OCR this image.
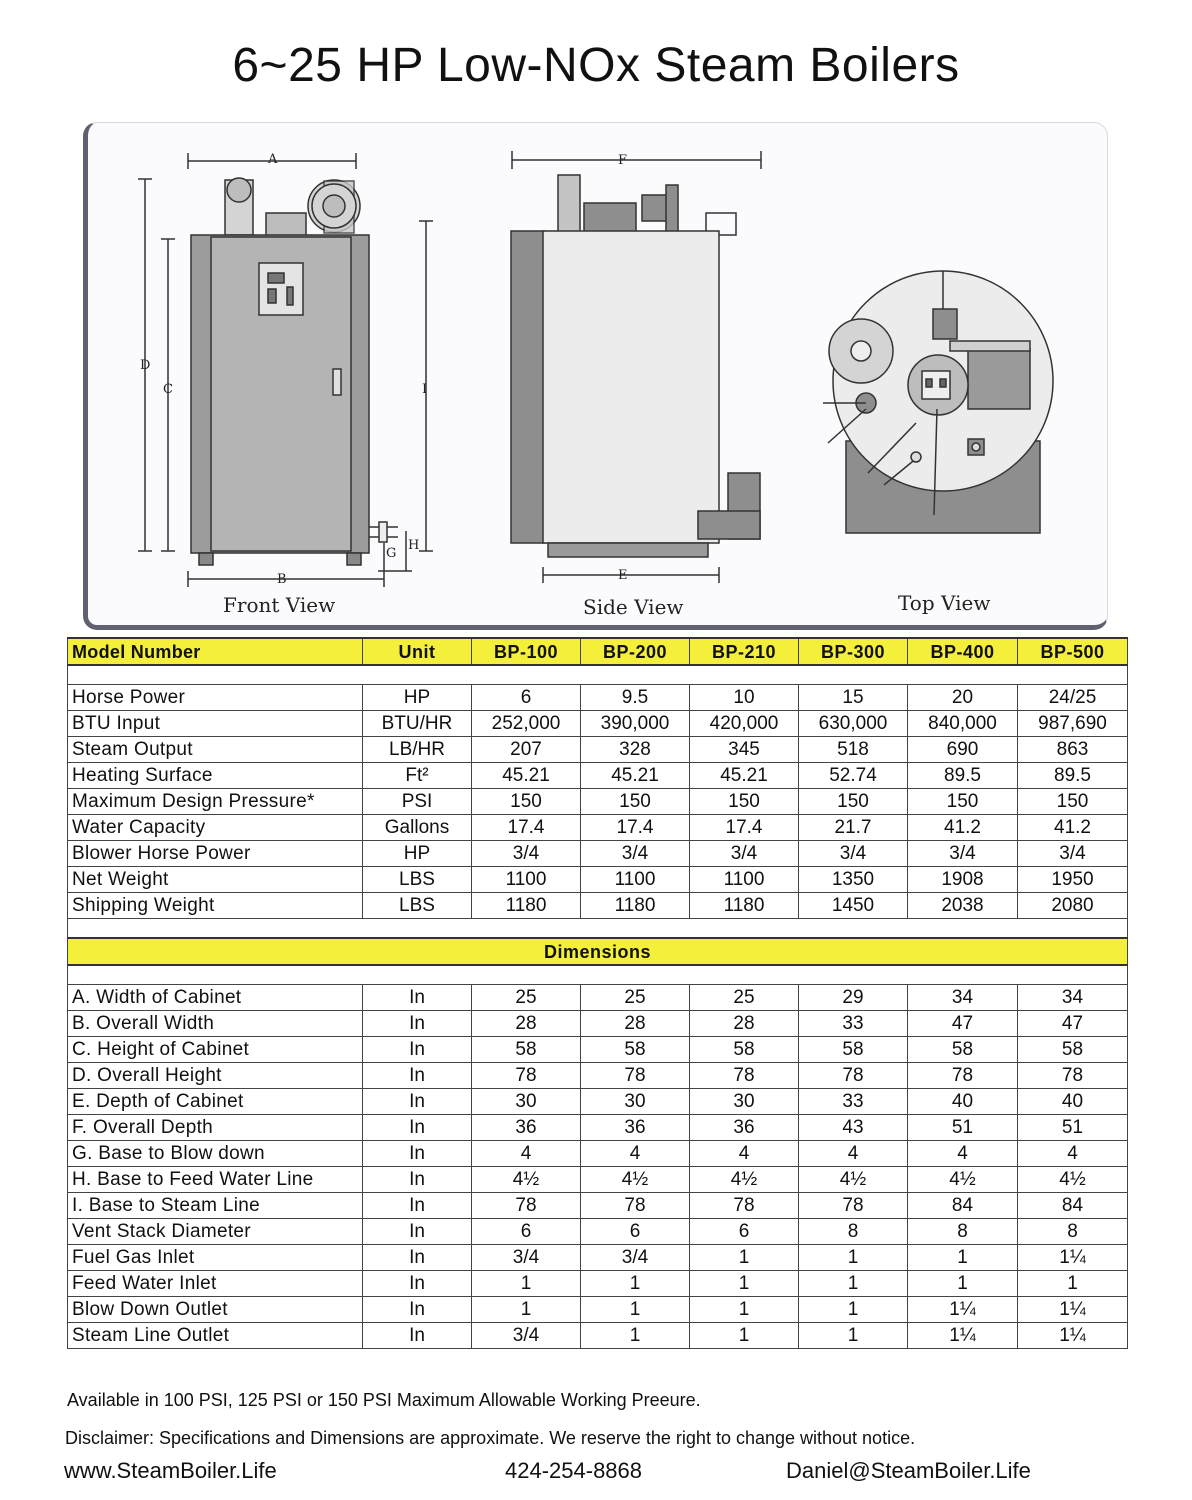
6~25 HP Low-NOx Steam Boilers
A
B
C
D
G
H
I
E
F
Front View	Side View	Top View
Model Number	Unit	BP-100	BP-200	BP-210	BP-300	BP-400	BP-500

Horse Power	HP	6	9.5	10	15	20	24/25
BTU Input	BTU/HR	252,000	390,000	420,000	630,000	840,000	987,690
Steam Output	LB/HR	207	328	345	518	690	863
Heating Surface	Ft²	45.21	45.21	45.21	52.74	89.5	89.5
Maximum Design Pressure*	PSI	150	150	150	150	150	150
Water Capacity	Gallons	17.4	17.4	17.4	21.7	41.2	41.2
Blower Horse Power	HP	3/4	3/4	3/4	3/4	3/4	3/4
Net Weight	LBS	1100	1100	1100	1350	1908	1950
Shipping Weight	LBS	1180	1180	1180	1450	2038	2080

Dimensions							

A. Width of Cabinet	In	25	25	25	29	34	34
B. Overall Width	In	28	28	28	33	47	47
C. Height of Cabinet	In	58	58	58	58	58	58
D. Overall Height	In	78	78	78	78	78	78
E. Depth of Cabinet	In	30	30	30	33	40	40
F. Overall Depth	In	36	36	36	43	51	51
G. Base to Blow down	In	4	4	4	4	4	4
H. Base to Feed Water Line	In	4½	4½	4½	4½	4½	4½
I. Base to Steam Line	In	78	78	78	78	84	84
Vent Stack Diameter	In	6	6	6	8	8	8
Fuel Gas Inlet	In	3/4	3/4	1	1	1	1¼
Feed Water Inlet	In	1	1	1	1	1	1
Blow Down Outlet	In	1	1	1	1	1¼	1¼
Steam Line Outlet	In	3/4	1	1	1	1¼	1¼
Available in 100 PSI, 125 PSI or 150 PSI Maximum Allowable Working Preeure.
Disclaimer: Specifications and Dimensions are approximate. We reserve the right to change without notice.
www.SteamBoiler.Life	424-254-8868	Daniel@SteamBoiler.Life
